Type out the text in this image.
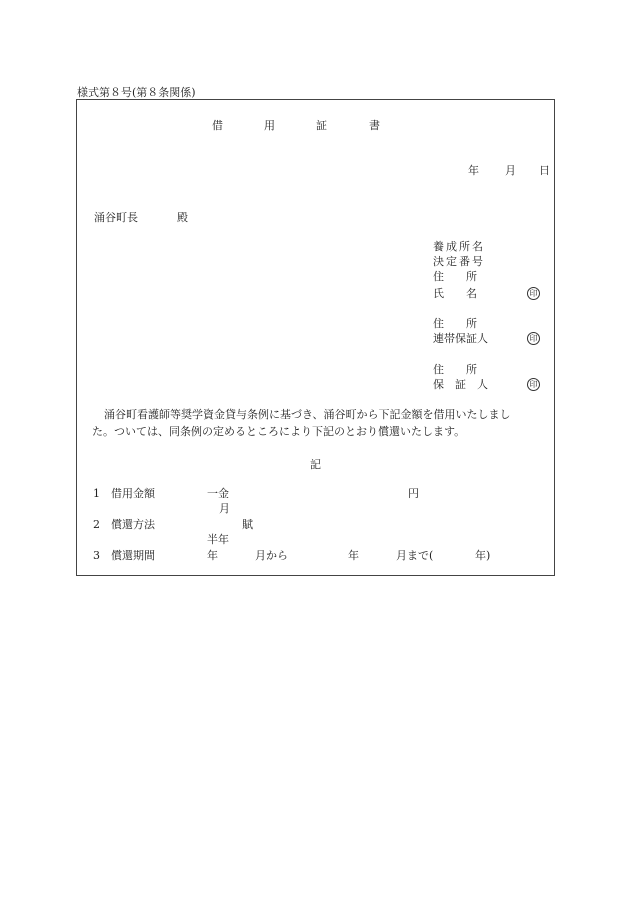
様式第８号(第８条関係)
借	用	証	書
年 月 日
涌谷町長	殿
養成所名
決定番号
住　　所
氏　　名	印
住　　所
連帯保証人	印
住　　所
保　証　人	印
涌谷町看護師等奨学資金貸与条例に基づき、涌谷町から下記金額を借用いたしまし
た。ついては、同条例の定めるところにより下記のとおり償還いたします。
記
1 借用金額	一金	円
月
2 償還方法	賦
半年
3 償還期間	年	月から	年	月まで(	年)
